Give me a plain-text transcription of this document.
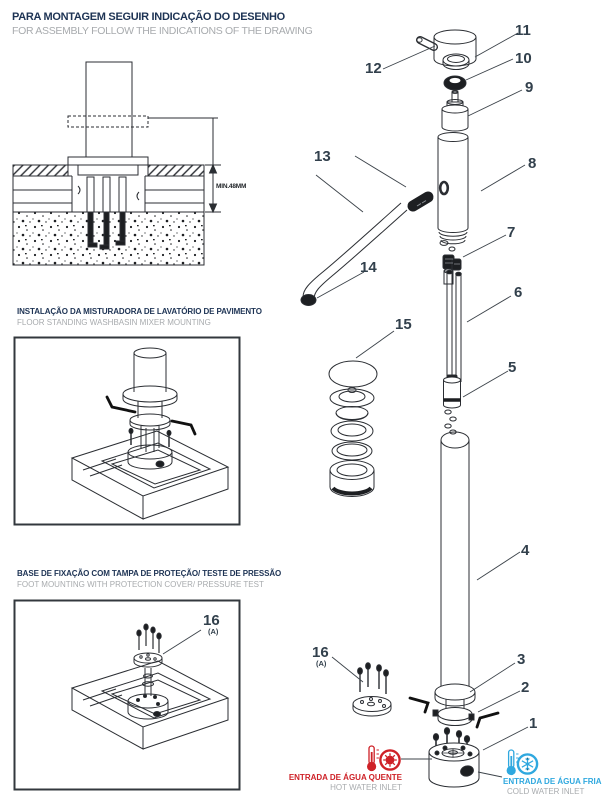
PARA MONTAGEM SEGUIR INDICAÇÃO DO DESENHO
FOR ASSEMBLY FOLLOW THE INDICATIONS OF THE DRAWING
MIN.48MM
INSTALAÇÃO DA MISTURADORA DE LAVATÓRIO DE PAVIMENTO
FLOOR STANDING WASHBASIN MIXER MOUNTING
BASE DE FIXAÇÃO COM TAMPA DE PROTEÇÃO/ TESTE DE PRESSÃO
FOOT MOUNTING WITH PROTECTION COVER/ PRESSURE TEST
11
10
9
12
8
13
7
14
6
15
5
4
3
2
1
16
(A)
16
(A)
ENTRADA DE ÁGUA QUENTE
HOT WATER INLET
ENTRADA DE ÁGUA FRIA
COLD WATER INLET
